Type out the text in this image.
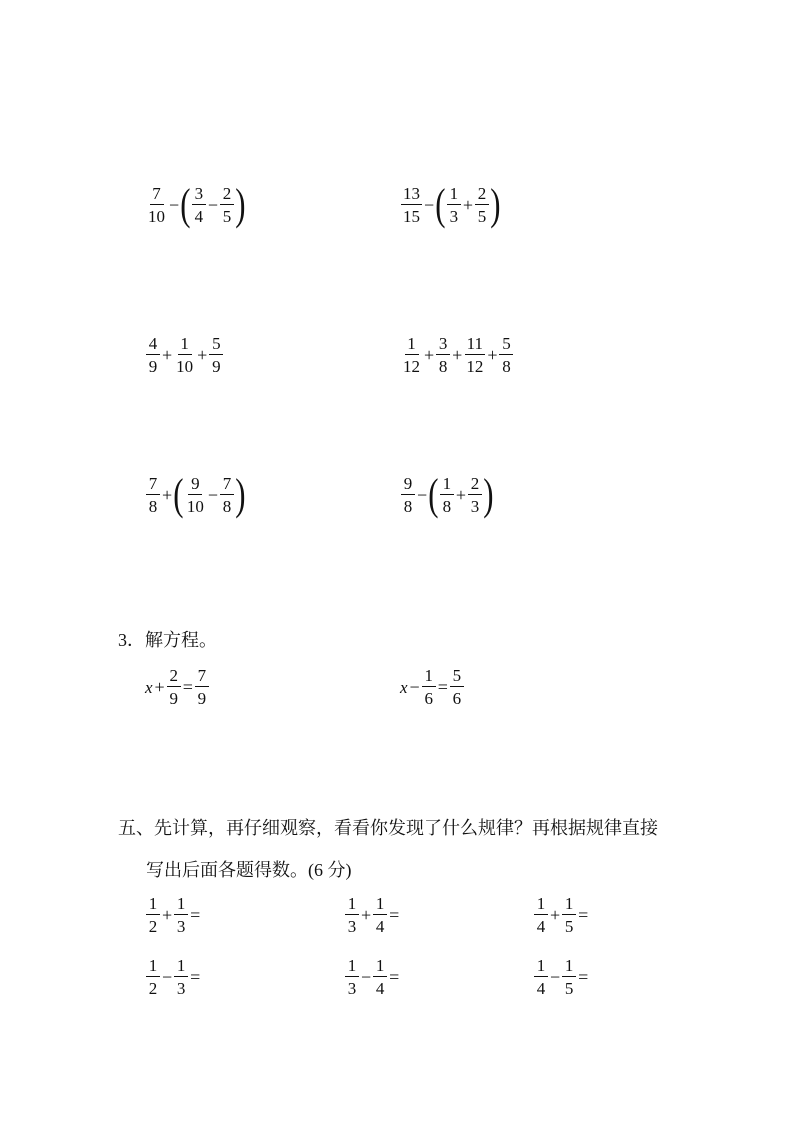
$\frac{7}{10}$ − ( $\frac{3}{4} - \frac{2}{5}$ )	$\frac{13}{15}$ − ( $\frac{1}{3} + \frac{2}{5}$ )
$\frac{4}{9} + \frac{1}{10} + \frac{5}{9}$	$\frac{1}{12} + \frac{3}{8} + \frac{11}{12} + \frac{5}{8}$
$\frac{7}{8}$ + ( $\frac{9}{10} - \frac{7}{8}$ )	$\frac{9}{8}$ − ( $\frac{1}{8} + \frac{2}{3}$ )
3．解方程。
$x + \frac{2}{9} = \frac{7}{9}$	$x - \frac{1}{6} = \frac{5}{6}$
五、先计算，再仔细观察，看看你发现了什么规律？再根据规律直接
写出后面各题得数。(6 分)
$\frac{1}{2} + \frac{1}{3}$ =	$\frac{1}{3} + \frac{1}{4}$ =	$\frac{1}{4} + \frac{1}{5}$ =
$\frac{1}{2} - \frac{1}{3}$ =	$\frac{1}{3} - \frac{1}{4}$ =	$\frac{1}{4} - \frac{1}{5}$ =
